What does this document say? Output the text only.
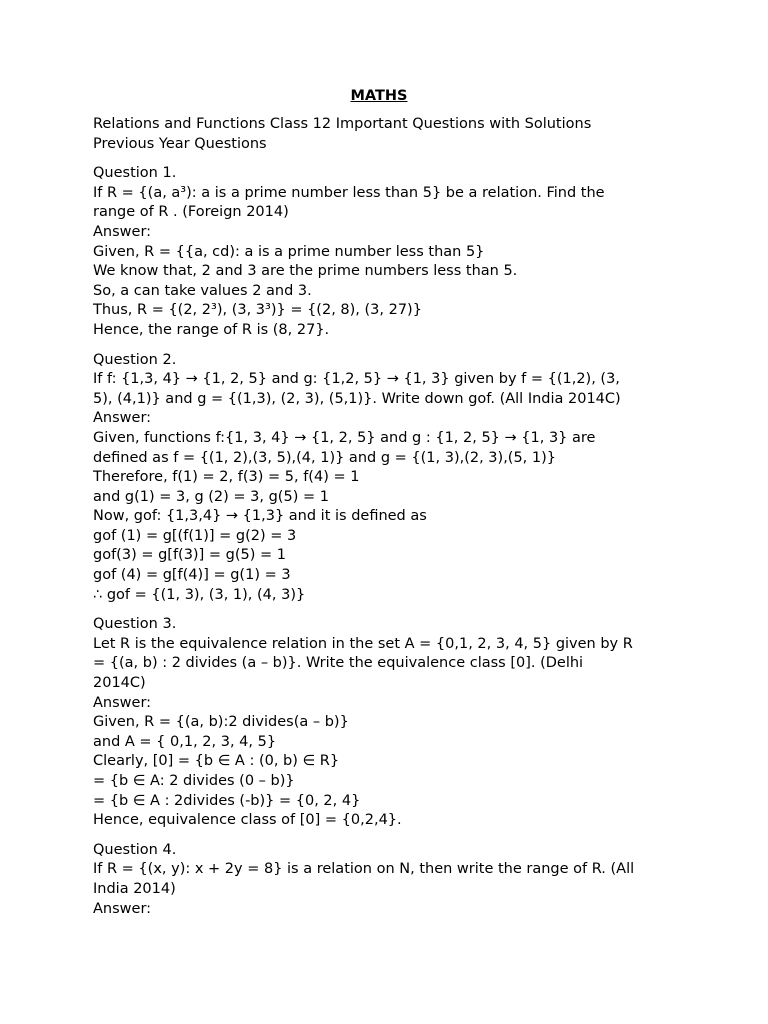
MATHS
Relations and Functions Class 12 Important Questions with Solutions
Previous Year Questions
Question 1.
If R = {(a, a³): a is a prime number less than 5} be a relation. Find the
range of R . (Foreign 2014)
Answer:
Given, R = {{a, cd): a is a prime number less than 5}
We know that, 2 and 3 are the prime numbers less than 5.
So, a can take values 2 and 3.
Thus, R = {(2, 2³), (3, 3³)} = {(2, 8), (3, 27)}
Hence, the range of R is (8, 27}.
Question 2.
If f: {1,3, 4} → {1, 2, 5} and g: {1,2, 5} → {1, 3} given by f = {(1,2), (3,
5), (4,1)} and g = {(1,3), (2, 3), (5,1)}. Write down gof. (All India 2014C)
Answer:
Given, functions f:{1, 3, 4} → {1, 2, 5} and g : {1, 2, 5} → {1, 3} are
defined as f = {(1, 2),(3, 5),(4, 1)} and g = {(1, 3),(2, 3),(5, 1)}
Therefore, f(1) = 2, f(3) = 5, f(4) = 1
and g(1) = 3, g (2) = 3, g(5) = 1
Now, gof: {1,3,4} → {1,3} and it is defined as
gof (1) = g[(f(1)] = g(2) = 3
gof(3) = g[f(3)] = g(5) = 1
gof (4) = g[f(4)] = g(1) = 3
∴ gof = {(1, 3), (3, 1), (4, 3)}
Question 3.
Let R is the equivalence relation in the set A = {0,1, 2, 3, 4, 5} given by R
= {(a, b) : 2 divides (a – b)}. Write the equivalence class [0]. (Delhi
2014C)
Answer:
Given, R = {(a, b):2 divides(a – b)}
and A = { 0,1, 2, 3, 4, 5}
Clearly, [0] = {b ∈ A : (0, b) ∈ R}
= {b ∈ A: 2 divides (0 – b)}
= {b ∈ A : 2divides (-b)} = {0, 2, 4}
Hence, equivalence class of [0] = {0,2,4}.
Question 4.
If R = {(x, y): x + 2y = 8} is a relation on N, then write the range of R. (All
India 2014)
Answer:
